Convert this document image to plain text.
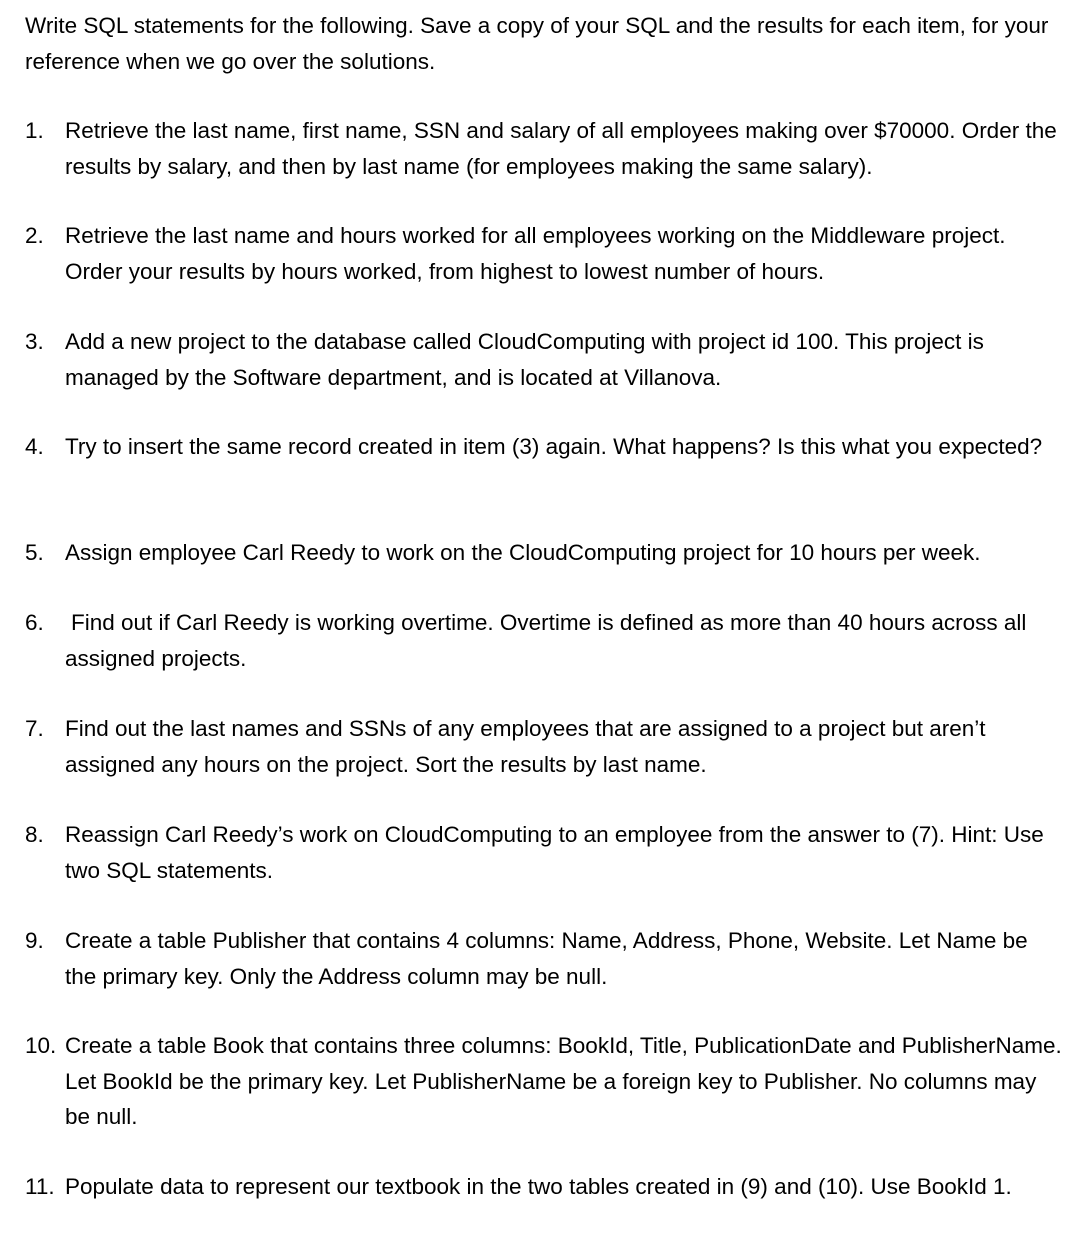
Write SQL statements for the following. Save a copy of your SQL and the results for each item, for your reference when we go over the solutions.
1. Retrieve the last name, first name, SSN and salary of all employees making over $70000. Order the results by salary, and then by last name (for employees making the same salary).
2. Retrieve the last name and hours worked for all employees working on the Middleware project. Order your results by hours worked, from highest to lowest number of hours.
3. Add a new project to the database called CloudComputing with project id 100. This project is managed by the Software department, and is located at Villanova.
4. Try to insert the same record created in item (3) again. What happens? Is this what you expected?
5. Assign employee Carl Reedy to work on the CloudComputing project for 10 hours per week.
6.	Find out if Carl Reedy is working overtime. Overtime is defined as more than 40 hours across all assigned projects.
7. Find out the last names and SSNs of any employees that are assigned to a project but aren’t assigned any hours on the project. Sort the results by last name.
8. Reassign Carl Reedy’s work on CloudComputing to an employee from the answer to (7). Hint: Use two SQL statements.
9. Create a table Publisher that contains 4 columns: Name, Address, Phone, Website. Let Name be the primary key. Only the Address column may be null.
10. Create a table Book that contains three columns: BookId, Title, PublicationDate and PublisherName. Let BookId be the primary key. Let PublisherName be a foreign key to Publisher. No columns may be null.
11. Populate data to represent our textbook in the two tables created in (9) and (10). Use BookId 1.
